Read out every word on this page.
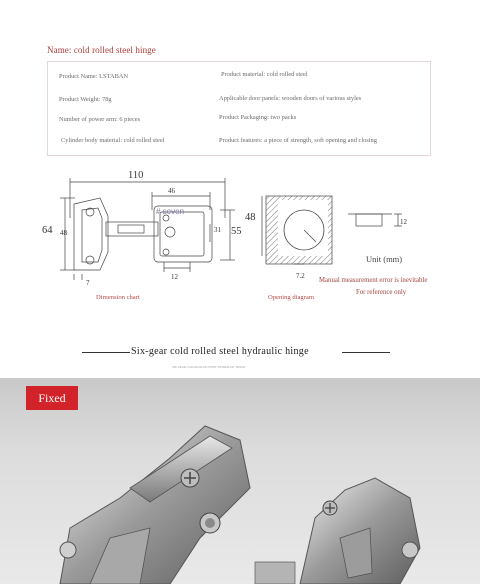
Name: cold rolled steel hinge
Product Name: LSTABAN
Product Weight: 78g
Number of power arm: 6 pieces
Cylinder body material: cold rolled steel
Product material: cold rolled steel
Applicable door panels: wooden doors of various styles
Product Packaging: two packs
Product features: a piece of strength, soft opening and closing
110
46
64 48	31 55
12
7
# seven
Dimension chart
48
7.2
Opening diagram
12
Unit (mm)
Manual measurement error is inevitable
For reference only
Six-gear cold rolled steel hydraulic hinge
SIX GEAR COLD ROLLED STEEL HYDRAULIC HINGE
Fixed
